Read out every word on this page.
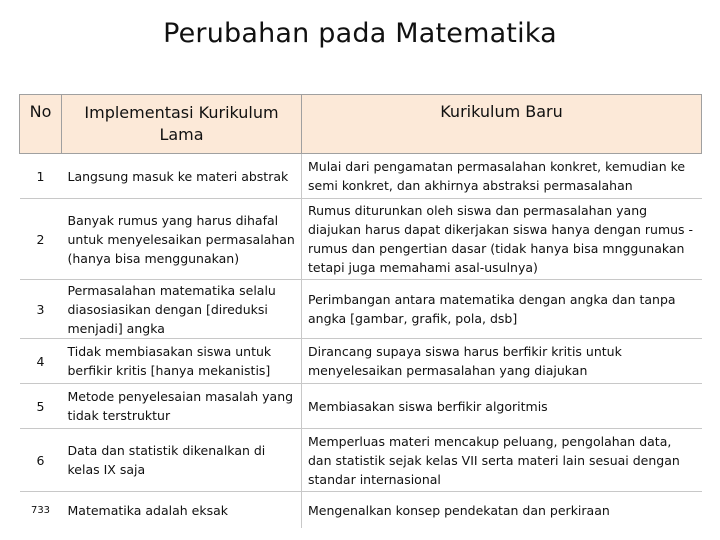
Perubahan pada Matematika
No	Implementasi Kurikulum Lama	Kurikulum Baru
1	Langsung masuk ke materi abstrak	Mulai dari pengamatan permasalahan konkret, kemudian ke semi konkret, dan akhirnya abstraksi permasalahan
2	Banyak rumus yang harus dihafal untuk menyelesaikan permasalahan (hanya bisa menggunakan)	Rumus diturunkan oleh siswa dan permasalahan yang diajukan harus dapat dikerjakan siswa hanya dengan rumus -rumus dan pengertian dasar (tidak hanya bisa mnggunakan tetapi juga memahami asal-usulnya)
3	Permasalahan matematika selalu diasosiasikan dengan [direduksi menjadi] angka	Perimbangan antara matematika dengan angka dan tanpa angka [gambar, grafik, pola, dsb]
4	Tidak membiasakan siswa untuk berfikir kritis [hanya mekanistis]	Dirancang supaya siswa harus berfikir kritis untuk menyelesaikan permasalahan yang diajukan
5	Metode penyelesaian masalah yang tidak terstruktur	Membiasakan siswa berfikir algoritmis
6	Data dan statistik dikenalkan di kelas IX saja	Memperluas materi mencakup peluang, pengolahan data, dan statistik sejak kelas VII serta materi lain sesuai dengan standar internasional
733	Matematika adalah eksak	Mengenalkan konsep pendekatan dan perkiraan
